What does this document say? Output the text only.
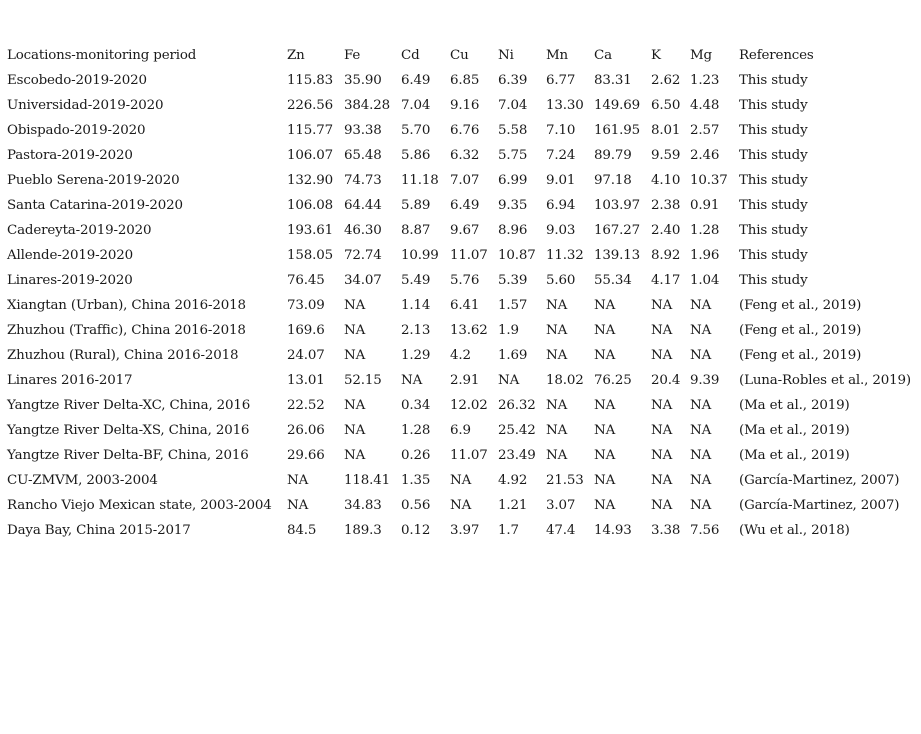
Locations-monitoring period	Zn	Fe	Cd	Cu	Ni	Mn	Ca	K	Mg	References
Escobedo-2019-2020	115.83	35.90	6.49	6.85	6.39	6.77	83.31	2.62	1.23	This study
Universidad-2019-2020	226.56	384.28	7.04	9.16	7.04	13.30	149.69	6.50	4.48	This study
Obispado-2019-2020	115.77	93.38	5.70	6.76	5.58	7.10	161.95	8.01	2.57	This study
Pastora-2019-2020	106.07	65.48	5.86	6.32	5.75	7.24	89.79	9.59	2.46	This study
Pueblo Serena-2019-2020	132.90	74.73	11.18	7.07	6.99	9.01	97.18	4.10	10.37	This study
Santa Catarina-2019-2020	106.08	64.44	5.89	6.49	9.35	6.94	103.97	2.38	0.91	This study
Cadereyta-2019-2020	193.61	46.30	8.87	9.67	8.96	9.03	167.27	2.40	1.28	This study
Allende-2019-2020	158.05	72.74	10.99	11.07	10.87	11.32	139.13	8.92	1.96	This study
Linares-2019-2020	76.45	34.07	5.49	5.76	5.39	5.60	55.34	4.17	1.04	This study
Xiangtan (Urban), China 2016-2018	73.09	NA	1.14	6.41	1.57	NA	NA	NA	NA	(Feng et al., 2019)
Zhuzhou (Traffic), China 2016-2018	169.6	NA	2.13	13.62	1.9	NA	NA	NA	NA	(Feng et al., 2019)
Zhuzhou (Rural), China 2016-2018	24.07	NA	1.29	4.2	1.69	NA	NA	NA	NA	(Feng et al., 2019)
Linares 2016-2017	13.01	52.15	NA	2.91	NA	18.02	76.25	20.4	9.39	(Luna-Robles et al., 2019)
Yangtze River Delta-XC, China, 2016	22.52	NA	0.34	12.02	26.32	NA	NA	NA	NA	(Ma et al., 2019)
Yangtze River Delta-XS, China, 2016	26.06	NA	1.28	6.9	25.42	NA	NA	NA	NA	(Ma et al., 2019)
Yangtze River Delta-BF, China, 2016	29.66	NA	0.26	11.07	23.49	NA	NA	NA	NA	(Ma et al., 2019)
CU-ZMVM, 2003-2004	NA	118.41	1.35	NA	4.92	21.53	NA	NA	NA	(García-Martinez, 2007)
Rancho Viejo Mexican state, 2003-2004	NA	34.83	0.56	NA	1.21	3.07	NA	NA	NA	(García-Martinez, 2007)
Daya Bay, China 2015-2017	84.5	189.3	0.12	3.97	1.7	47.4	14.93	3.38	7.56	(Wu et al., 2018)
